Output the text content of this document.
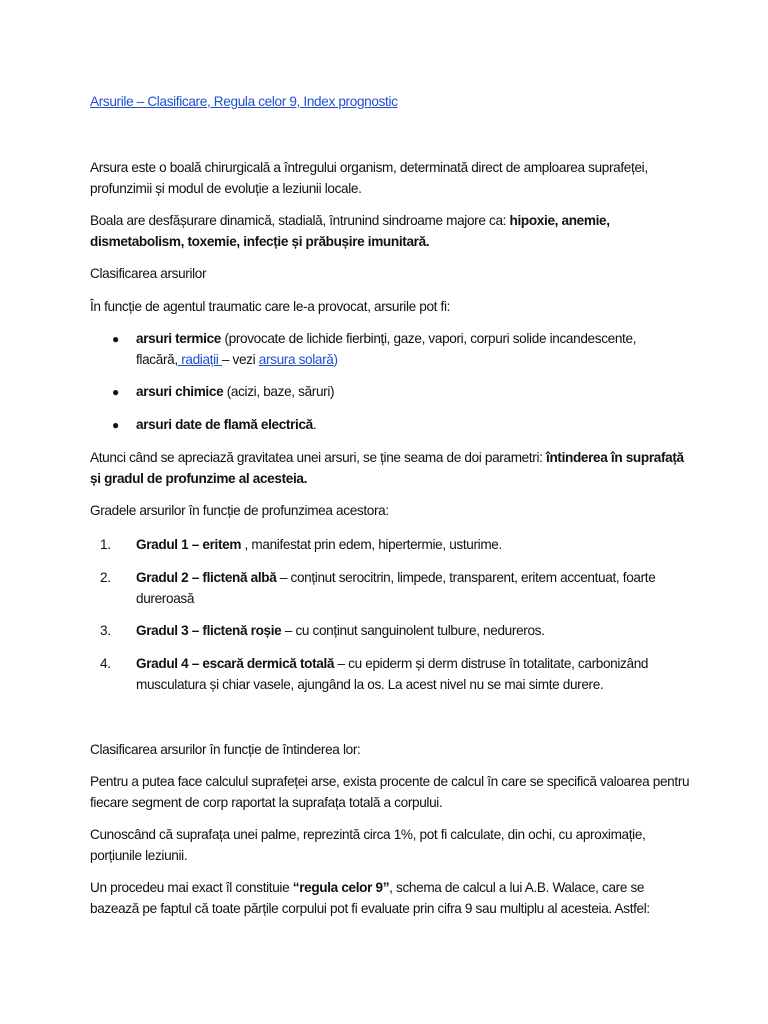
Arsurile – Clasificare, Regula celor 9, Index prognostic
Arsura este o boală chirurgicală a întregului organism, determinată direct de amploarea suprafeței, profunzimii și modul de evoluție a leziunii locale.
Boala are desfășurare dinamică, stadială, întrunind sindroame majore ca: hipoxie, anemie, dismetabolism, toxemie, infecție și prăbușire imunitară.
Clasificarea arsurilor
În funcție de agentul traumatic care le-a provocat, arsurile pot fi:
● arsuri termice (provocate de lichide fierbinți, gaze, vapori, corpuri solide incandescente, flacără, radiații – vezi arsura solară)
● arsuri chimice (acizi, baze, săruri)
● arsuri date de flamă electrică.
Atunci când se apreciază gravitatea unei arsuri, se ține seama de doi parametri: întinderea în suprafață și gradul de profunzime al acesteia.
Gradele arsurilor în funcție de profunzimea acestora:
1. Gradul 1 – eritem , manifestat prin edem, hipertermie, usturime.
2. Gradul 2 – flictenă albă – conținut serocitrin, limpede, transparent, eritem accentuat, foarte dureroasă
3. Gradul 3 – flictenă roșie – cu conținut sanguinolent tulbure, nedureros.
4. Gradul 4 – escară dermică totală – cu epiderm și derm distruse în totalitate, carbonizând musculatura și chiar vasele, ajungând la os. La acest nivel nu se mai simte durere.
Clasificarea arsurilor în funcție de întinderea lor:
Pentru a putea face calculul suprafeței arse, exista procente de calcul în care se specifică valoarea pentru fiecare segment de corp raportat la suprafața totală a corpului.
Cunoscând că suprafața unei palme, reprezintă circa 1%, pot fi calculate, din ochi, cu aproximație, porțiunile leziunii.
Un procedeu mai exact îl constituie “regula celor 9”, schema de calcul a lui A.B. Walace, care se bazează pe faptul că toate părțile corpului pot fi evaluate prin cifra 9 sau multiplu al acesteia. Astfel:
